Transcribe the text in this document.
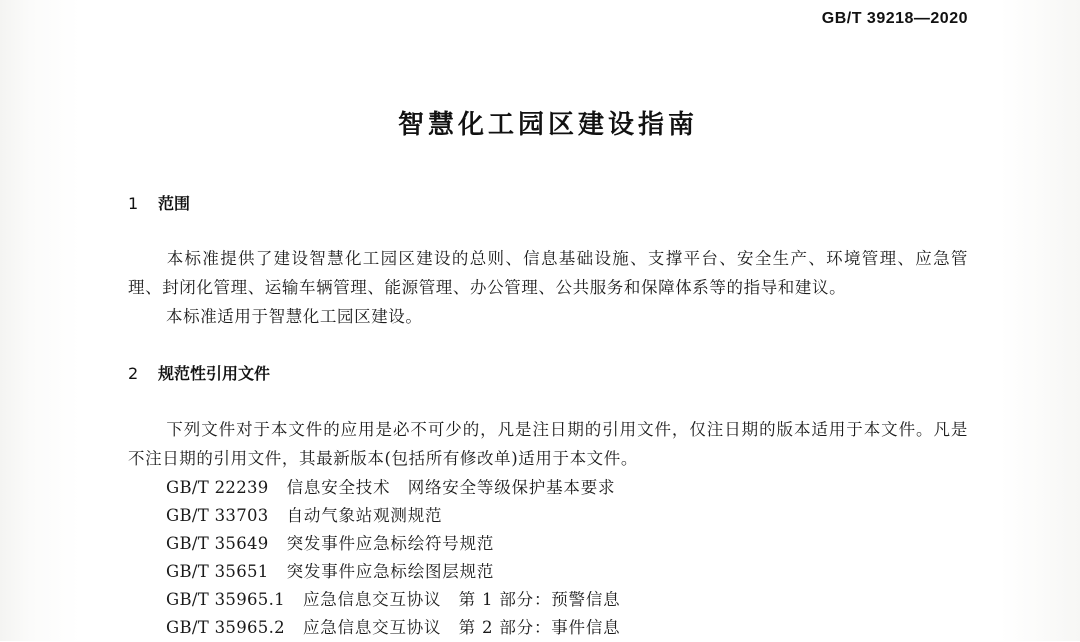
GB/T 39218—2020
智慧化工园区建设指南
1 范围
本标准提供了建设智慧化工园区建设的总则、信息基础设施、支撑平台、安全生产、环境管理、应急管理、封闭化管理、运输车辆管理、能源管理、办公管理、公共服务和保障体系等的指导和建议。
本标准适用于智慧化工园区建设。
2 规范性引用文件
下列文件对于本文件的应用是必不可少的，凡是注日期的引用文件，仅注日期的版本适用于本文件。凡是不注日期的引用文件，其最新版本(包括所有修改单)适用于本文件。
GB/T 22239 信息安全技术　网络安全等级保护基本要求
GB/T 33703 自动气象站观测规范
GB/T 35649 突发事件应急标绘符号规范
GB/T 35651 突发事件应急标绘图层规范
GB/T 35965.1 应急信息交互协议　第 1 部分：预警信息
GB/T 35965.2 应急信息交互协议　第 2 部分：事件信息
